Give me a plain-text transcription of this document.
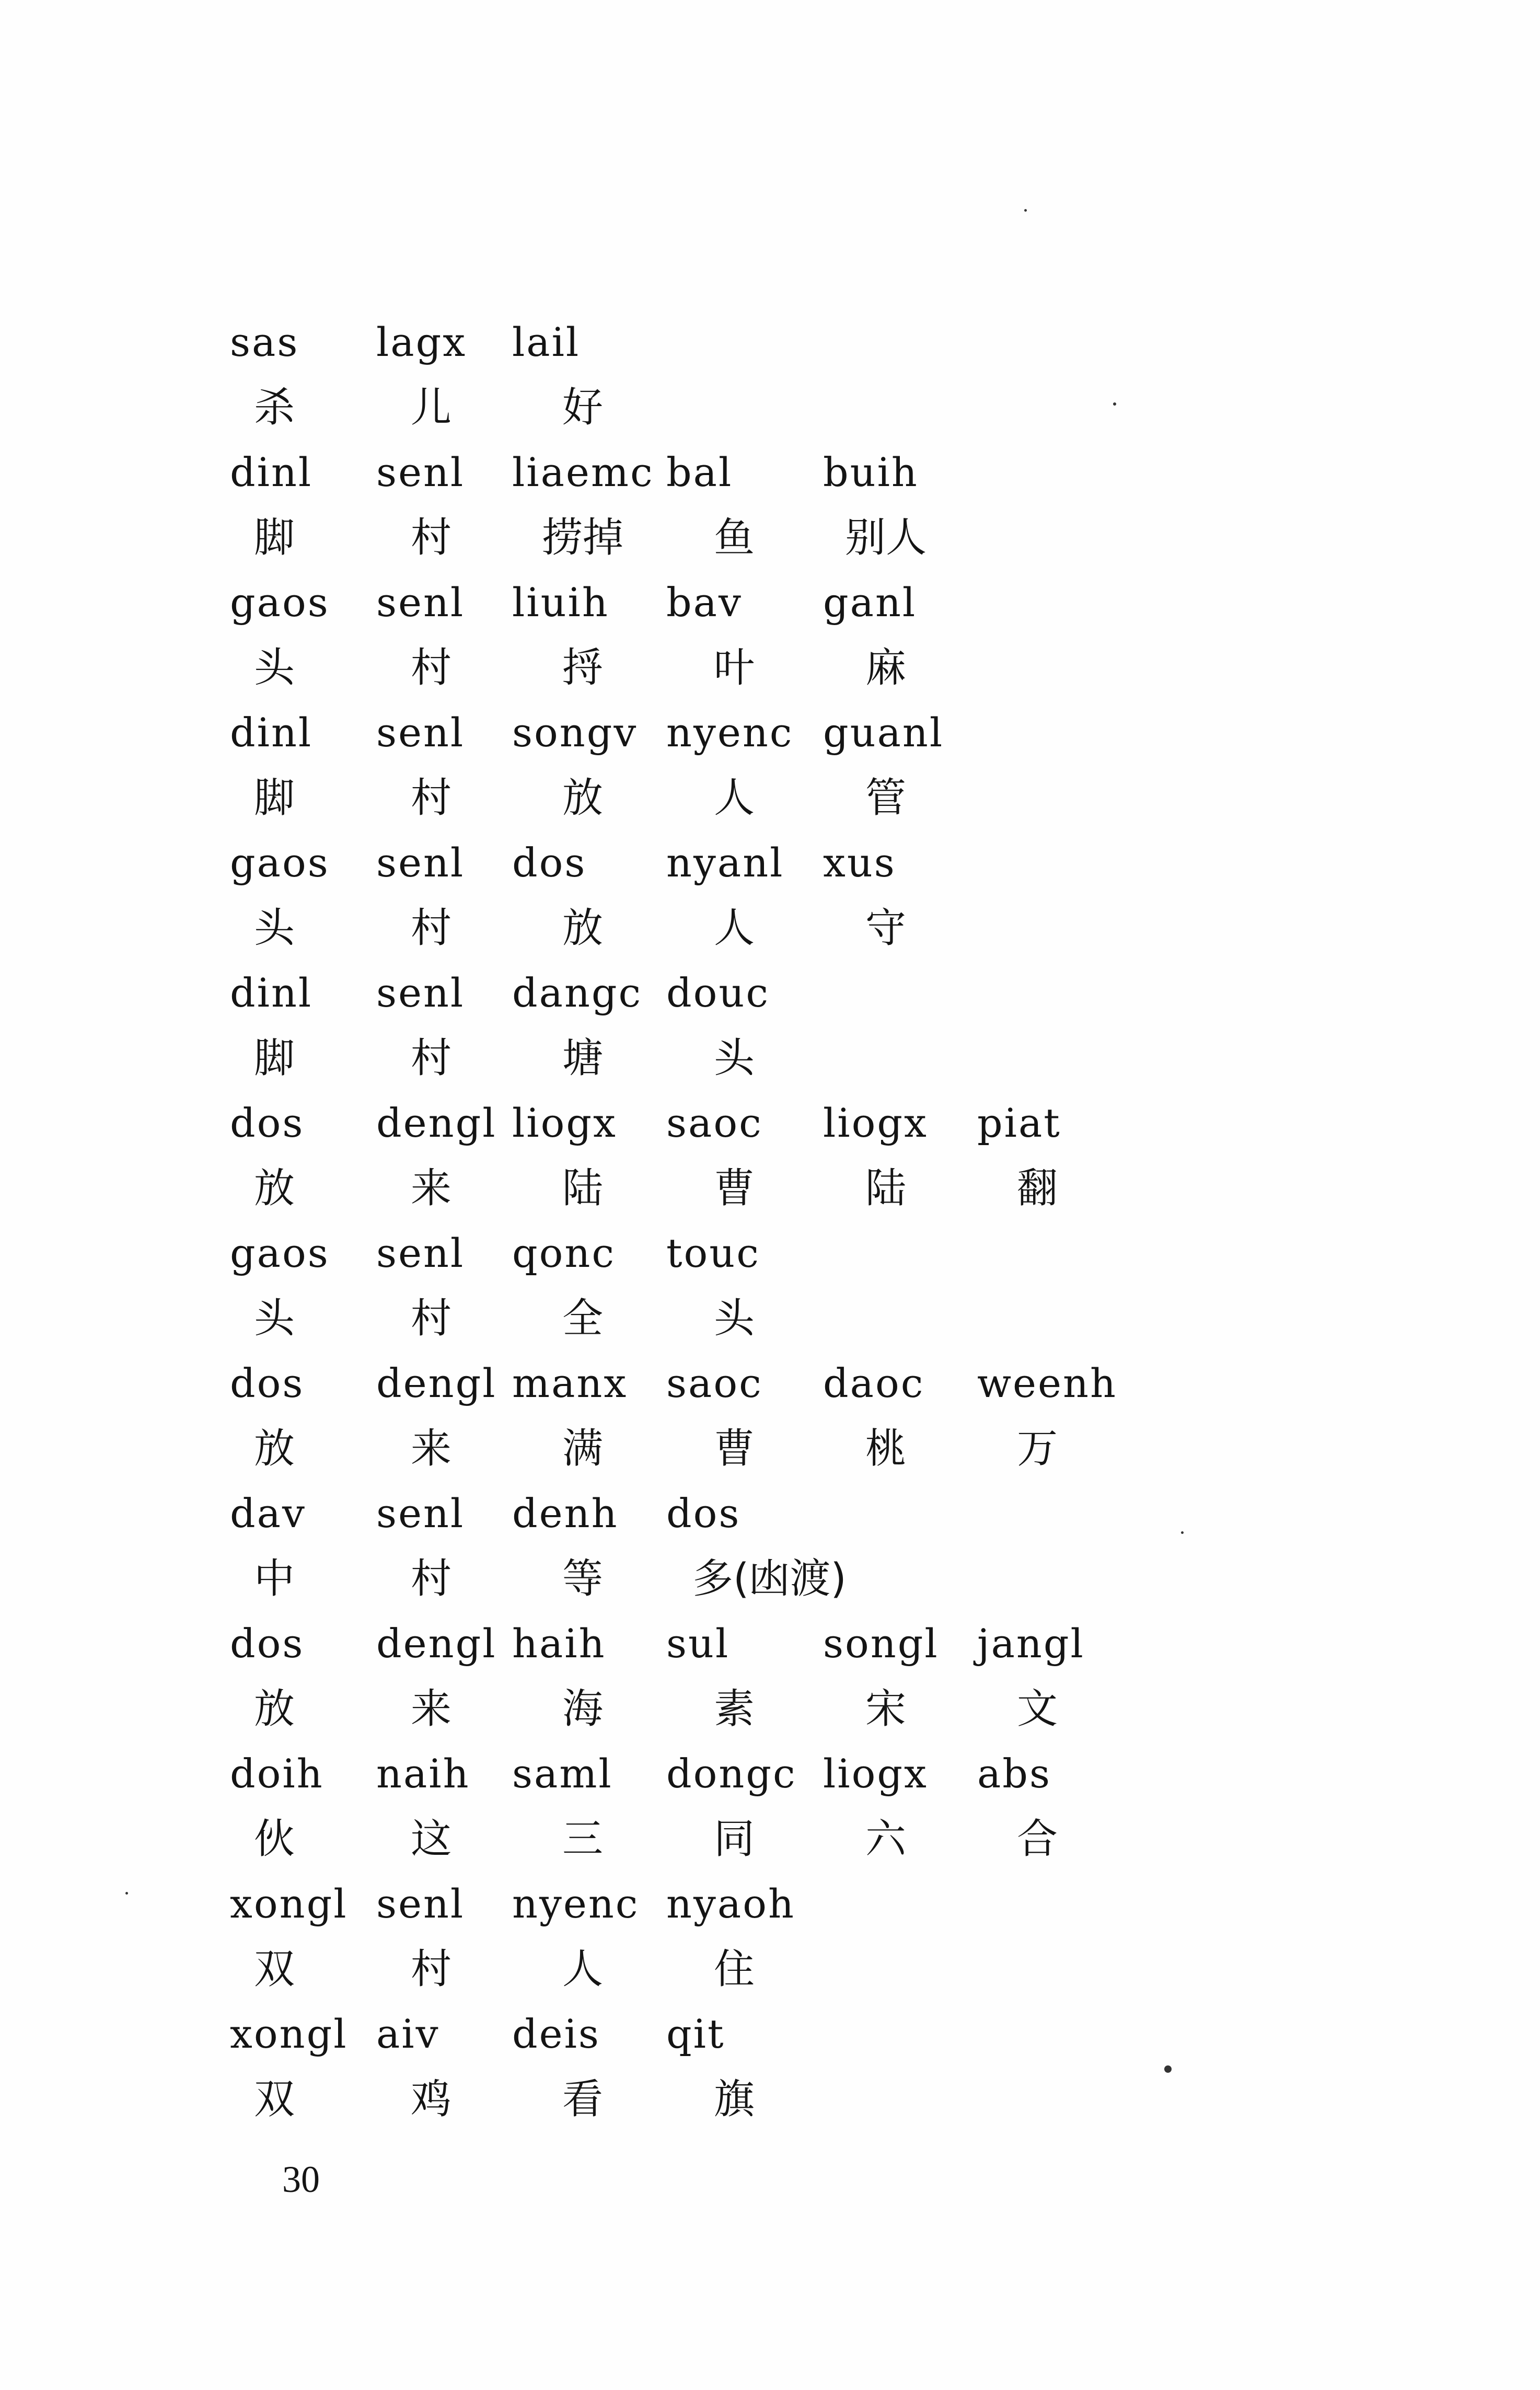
sas lagx lail
杀	儿	好
dinl senl liaemc bal buih
脚	村	捞掉	鱼	别人
gaos senl liuih bav ganl
头	村	捋	叶	麻
dinl senl songv nyenc guanl
脚	村	放	人	管
gaos senl dos nyanl xus
头	村	放	人	守
dinl senl dangc douc
脚	村	塘	头
dos dengl liogx saoc liogx piat
放	来	陆	曹	陆	翻
gaos senl qonc touc
头	村	全	头
dos dengl manx saoc daoc weenh
放	来	满	曹	桃	万
dav senl denh dos
中	村	等	多(凼渡)
dos dengl haih sul songl jangl
放	来	海	素	宋	文
doih naih saml dongc liogx abs
伙	这	三	同	六	合
xongl senl nyenc nyaoh
双	村	人	住
xongl aiv deis qit
双	鸡	看	旗
30
